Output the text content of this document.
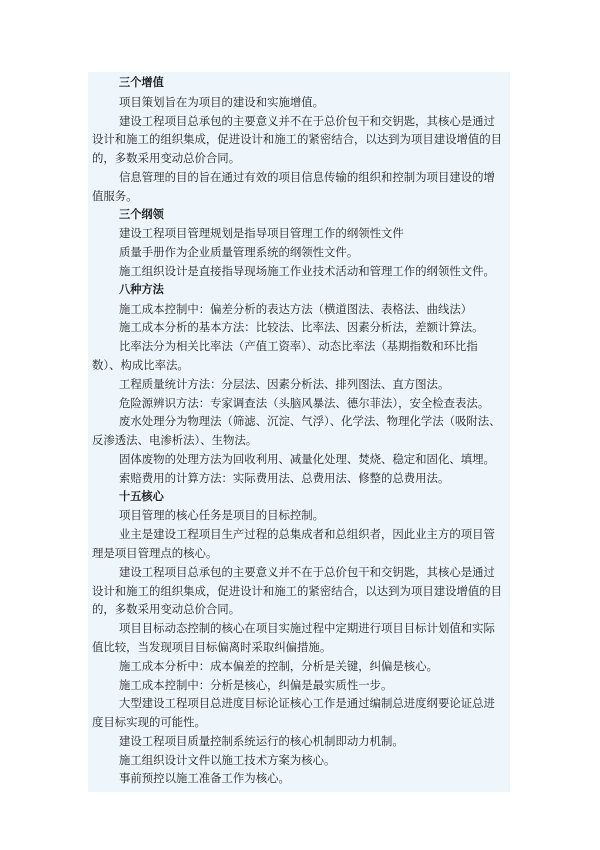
三个增值
项目策划旨在为项目的建设和实施增值。
建设工程项目总承包的主要意义并不在于总价包干和交钥匙，其核心是通过设计和施工的组织集成，促进设计和施工的紧密结合，以达到为项目建设增值的目的，多数采用变动总价合同。
信息管理的目的旨在通过有效的项目信息传输的组织和控制为项目建设的增值服务。
三个纲领
建设工程项目管理规划是指导项目管理工作的纲领性文件
质量手册作为企业质量管理系统的纲领性文件。
施工组织设计是直接指导现场施工作业技术活动和管理工作的纲领性文件。
八种方法
施工成本控制中：偏差分析的表达方法（横道图法、表格法、曲线法）
施工成本分析的基本方法：比较法、比率法、因素分析法，差额计算法。
比率法分为相关比率法（产值工资率）、动态比率法（基期指数和环比指数）、构成比率法。
工程质量统计方法：分层法、因素分析法、排列图法、直方图法。
危险源辨识方法：专家调查法（头脑风暴法、德尔菲法），安全检查表法。
废水处理分为物理法（筛滤、沉淀、气浮）、化学法、物理化学法（吸附法、反渗透法、电渗析法）、生物法。
固体废物的处理方法为回收利用、减量化处理、焚烧、稳定和固化、填埋。
索赔费用的计算方法：实际费用法、总费用法、修整的总费用法。
十五核心
项目管理的核心任务是项目的目标控制。
业主是建设工程项目生产过程的总集成者和总组织者，因此业主方的项目管理是项目管理点的核心。
建设工程项目总承包的主要意义并不在于总价包干和交钥匙，其核心是通过设计和施工的组织集成，促进设计和施工的紧密结合，以达到为项目建设增值的目的，多数采用变动总价合同。
项目目标动态控制的核心在项目实施过程中定期进行项目目标计划值和实际值比较，当发现项目目标偏离时采取纠偏措施。
施工成本分析中：成本偏差的控制，分析是关键，纠偏是核心。
施工成本控制中：分析是核心，纠偏是最实质性一步。
大型建设工程项目总进度目标论证核心工作是通过编制总进度纲要论证总进度目标实现的可能性。
建设工程项目质量控制系统运行的核心机制即动力机制。
施工组织设计文件以施工技术方案为核心。
事前预控以施工准备工作为核心。
